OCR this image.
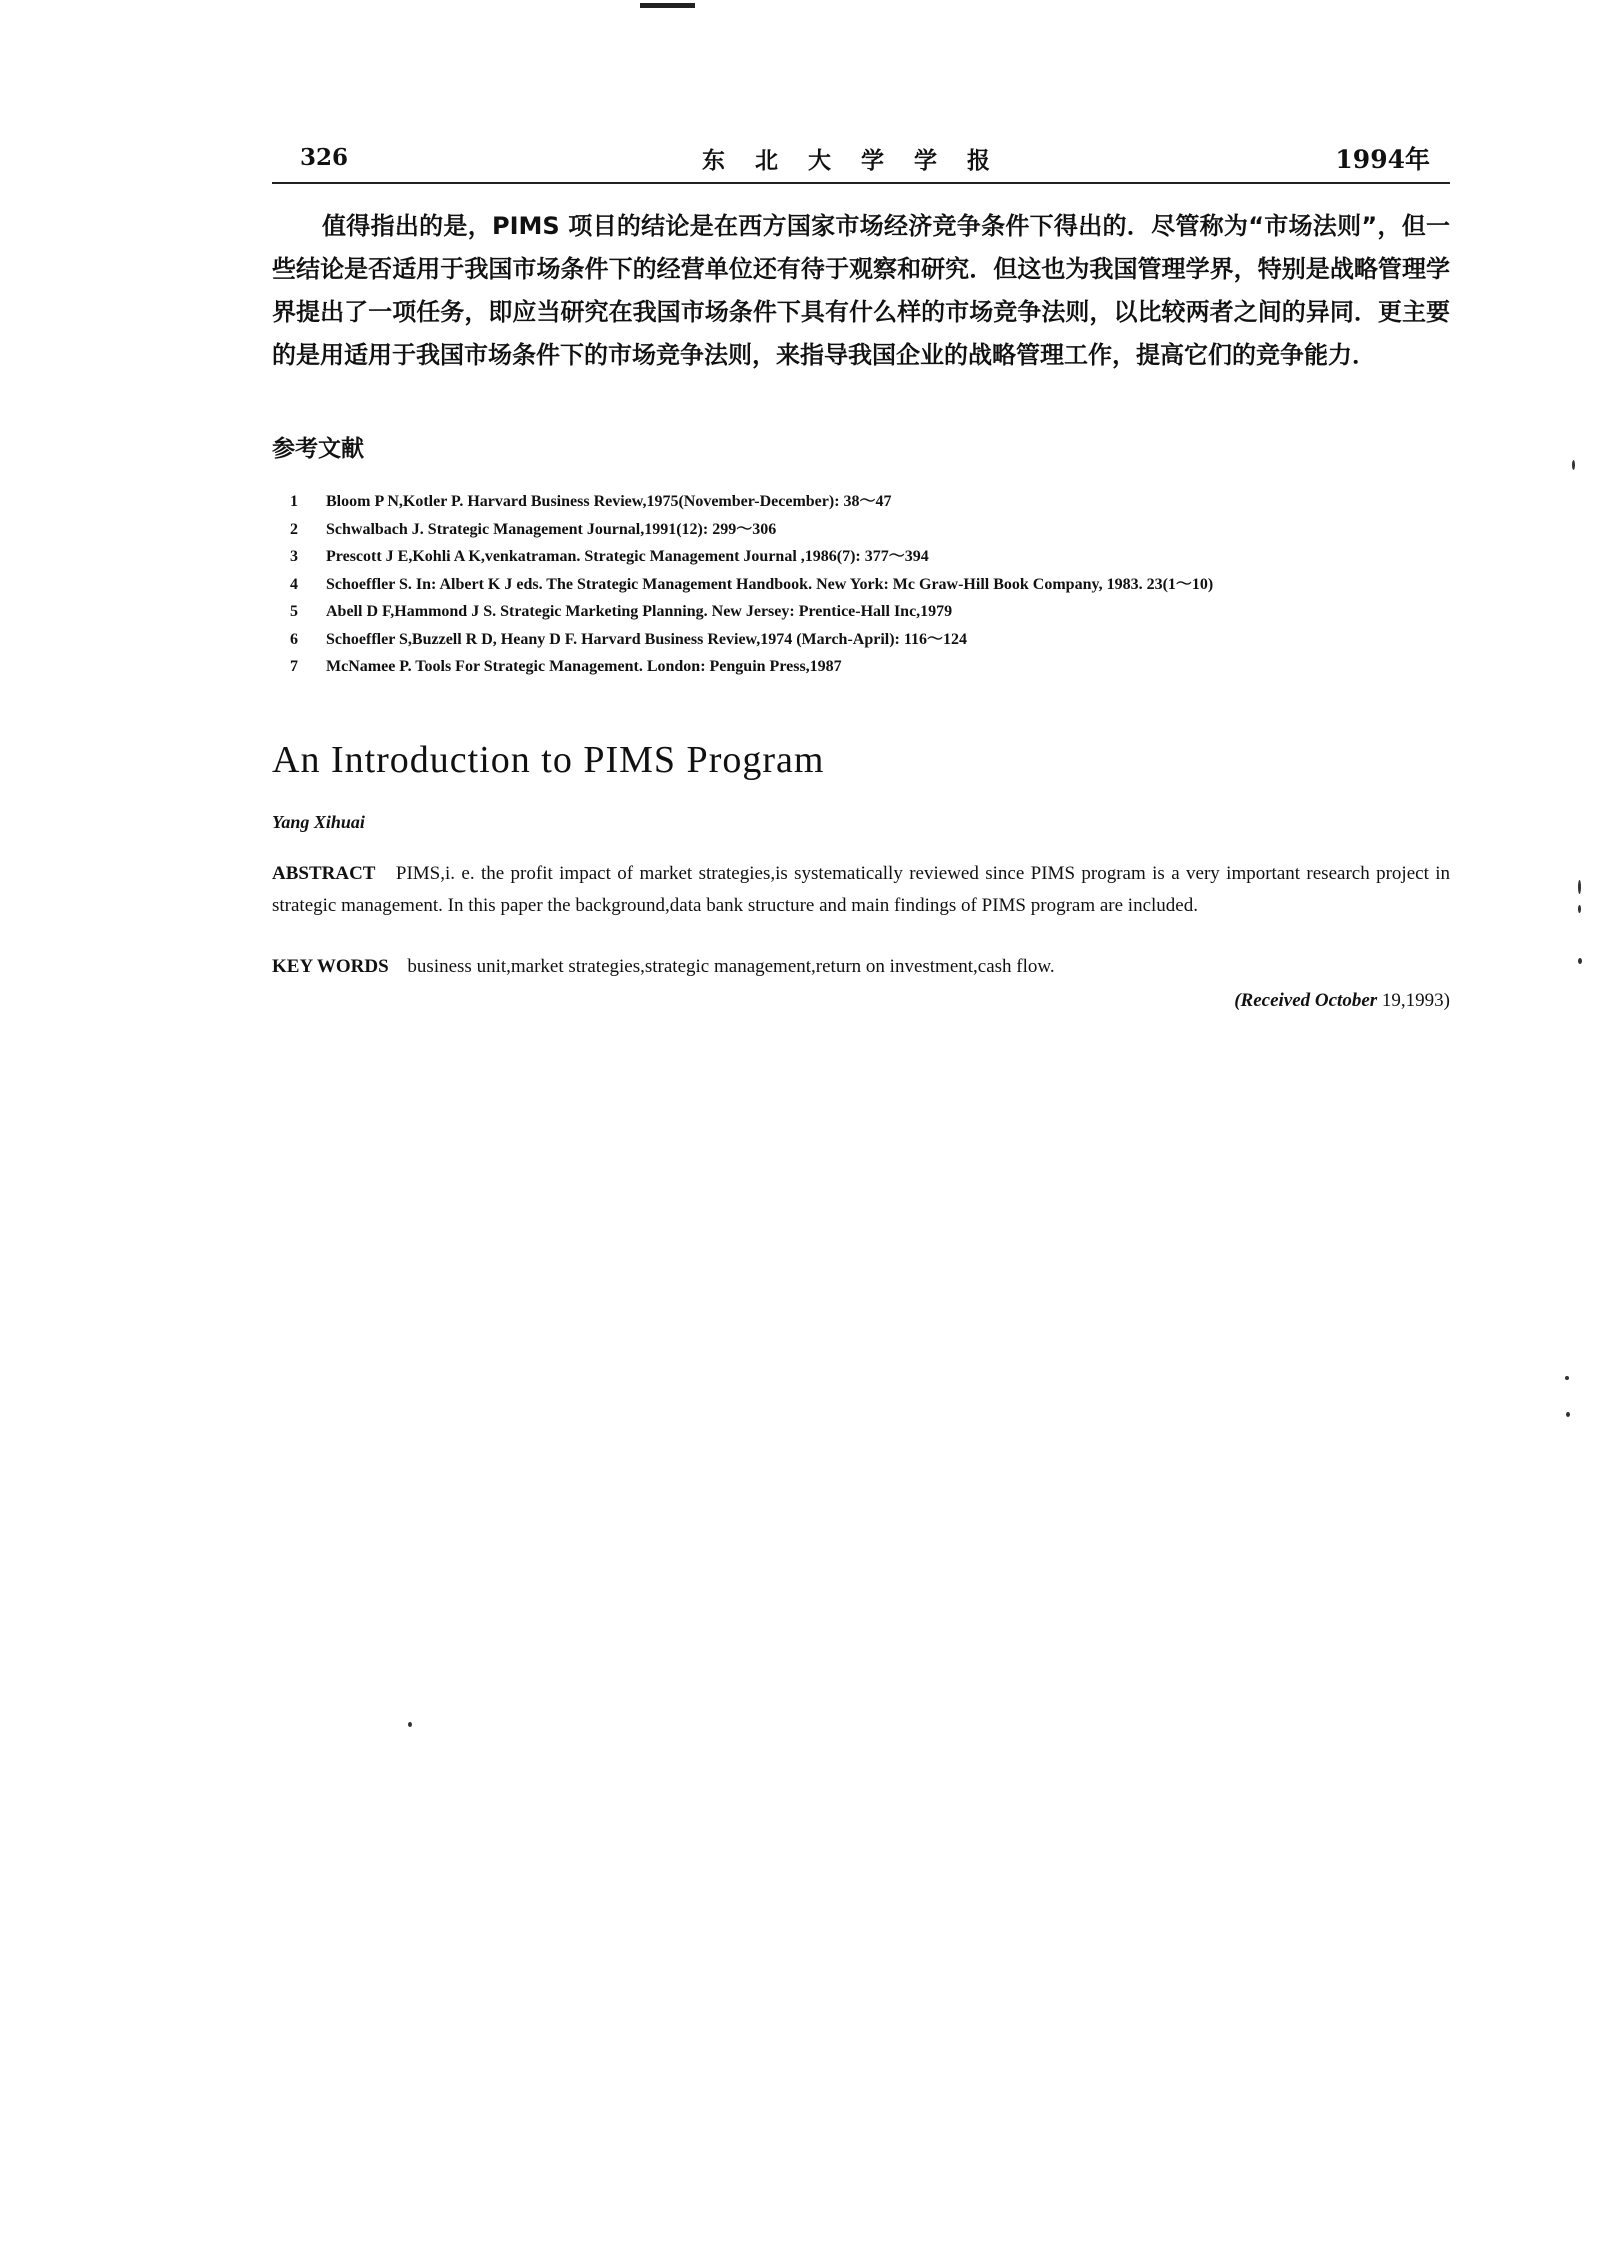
326	东北大学学报	1994年

值得指出的是，PIMS 项目的结论是在西方国家市场经济竞争条件下得出的．尽管称为“市场法则”，但一些结论是否适用于我国市场条件下的经营单位还有待于观察和研究．但这也为我国管理学界，特别是战略管理学界提出了一项任务，即应当研究在我国市场条件下具有什么样的市场竞争法则，以比较两者之间的异同．更主要的是用适用于我国市场条件下的市场竞争法则，来指导我国企业的战略管理工作，提高它们的竞争能力．

参考文献
1	Bloom P N,Kotler P. Harvard Business Review,1975(November-December): 38～47
2	Schwalbach J. Strategic Management Journal,1991(12): 299～306
3	Prescott J E,Kohli A K,venkatraman. Strategic Management Journal ,1986(7): 377～394
4	Schoeffler S. In: Albert K J eds. The Strategic Management Handbook. New York: Mc Graw-Hill Book Company, 1983. 23(1～10)
5	Abell D F,Hammond J S. Strategic Marketing Planning. New Jersey: Prentice-Hall Inc,1979
6	Schoeffler S,Buzzell R D, Heany D F. Harvard Business Review,1974 (March-April): 116～124
7	McNamee P. Tools For Strategic Management. London: Penguin Press,1987
An Introduction to PIMS Program
Yang Xihuai

ABSTRACT PIMS,i. e. the profit impact of market strategies,is systematically reviewed since PIMS program is a very important research project in strategic management. In this paper the background,data bank structure and main findings of PIMS program are included.

KEY WORDS business unit,market strategies,strategic management,return on investment,cash flow.

(Received October 19,1993)
